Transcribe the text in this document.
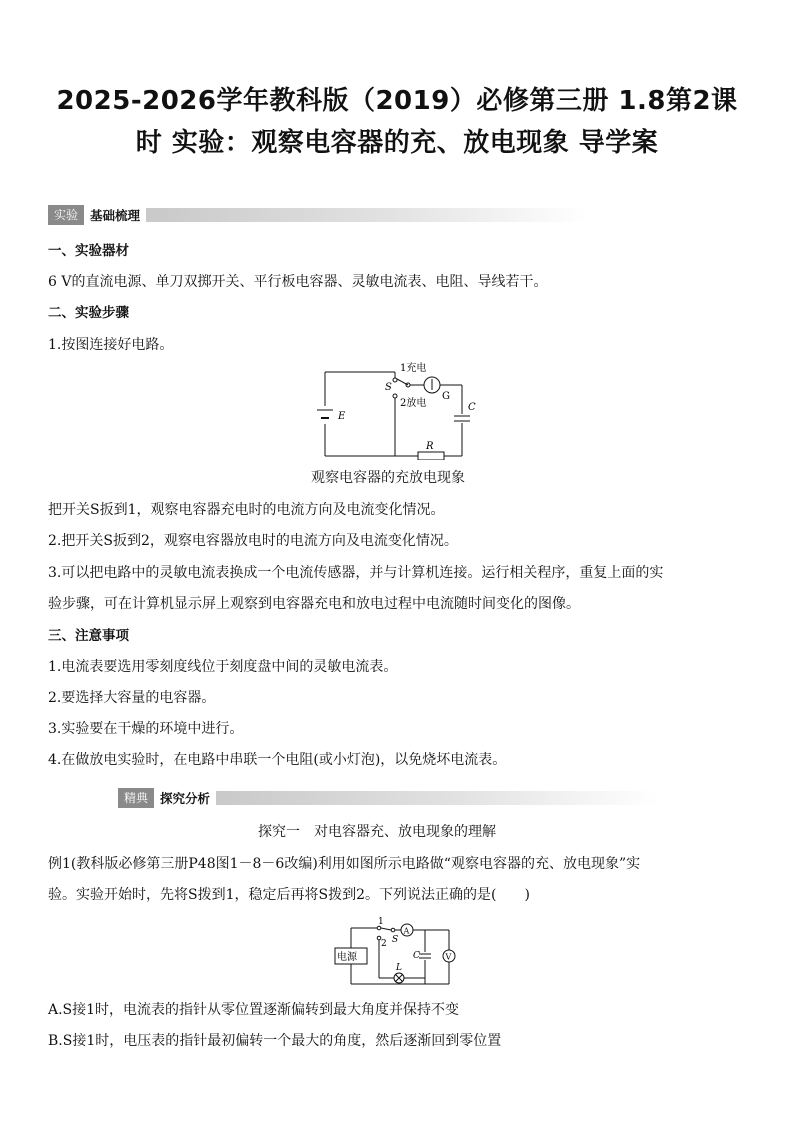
2025-2026学年教科版（2019）必修第三册 1.8第2课
时 实验：观察电容器的充、放电现象 导学案
实验 基础梳理
一、实验器材
6 V的直流电源、单刀双掷开关、平行板电容器、灵敏电流表、电阻、导线若干。
二、实验步骤
1.按图连接好电路。
1充电
S
2放电
G
C
E
R
观察电容器的充放电现象
把开关S扳到1，观察电容器充电时的电流方向及电流变化情况。
2.把开关S扳到2，观察电容器放电时的电流方向及电流变化情况。
3.可以把电路中的灵敏电流表换成一个电流传感器，并与计算机连接。运行相关程序，重复上面的实
验步骤，可在计算机显示屏上观察到电容器充电和放电过程中电流随时间变化的图像。
三、注意事项
1.电流表要选用零刻度线位于刻度盘中间的灵敏电流表。
2.要选择大容量的电容器。
3.实验要在干燥的环境中进行。
4.在做放电实验时，在电路中串联一个电阻(或小灯泡)，以免烧坏电流表。
精典 探究分析
探究一　对电容器充、放电现象的理解
例1(教科版必修第三册P48图1－8－6改编)利用如图所示电路做“观察电容器的充、放电现象”实
验。实验开始时，先将S拨到1，稳定后再将S拨到2。下列说法正确的是(　　)
1
2 S
A
V
C
L
电源
A.S接1时，电流表的指针从零位置逐渐偏转到最大角度并保持不变
B.S接1时，电压表的指针最初偏转一个最大的角度，然后逐渐回到零位置
